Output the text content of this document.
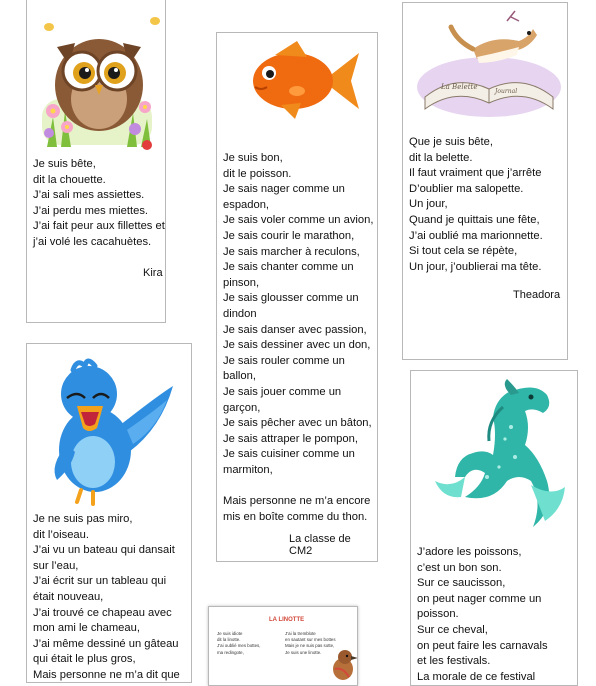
Je suis bête,
dit la chouette.
J’ai sali mes assiettes.
J’ai perdu mes miettes.
J’ai fait peur aux fillettes et
j’ai volé les cacahuètes.
Kira
Je suis bon,
dit le poisson.
Je sais nager comme un
espadon,
Je sais voler comme un avion,
Je sais courir le marathon,
Je sais marcher à reculons,
Je sais chanter comme un
pinson,
Je sais glousser comme un
dindon
Je sais danser avec passion,
Je sais dessiner avec un don,
Je sais rouler comme un
ballon,
Je sais jouer comme un
garçon,
Je sais pêcher avec un bâton,
Je sais attraper le pompon,
Je sais cuisiner comme un
marmiton,

Mais personne ne m’a encore
mis en boîte comme du thon.
La classe de CM2
La Belette
Journal
Que je suis bête,
dit la belette.
Il faut vraiment que j’arrête
D’oublier ma salopette.
Un jour,
Quand je quittais une fête,
J’ai oublié ma marionnette.
Si tout cela se répète,
Un jour, j’oublierai ma tête.
Theadora
Je ne suis pas miro,
dit l’oiseau.
J’ai vu un bateau qui dansait
sur l’eau,
J’ai écrit sur un tableau qui
était nouveau,
J’ai trouvé ce chapeau avec
mon ami le chameau,
J’ai même dessiné un gâteau
qui était le plus gros,
Mais personne ne m’a dit que
J’adore les poissons,
c’est un bon son.
Sur ce saucisson,
on peut nager comme un
poisson.
Sur ce cheval,
on peut faire les carnavals
et les festivals.
La morale de ce festival
LA LINOTTE
Je suis idiote
dit la linotte.
J’ai oublié mes bottes,
ma redingote,
J’ai la tremblote
en sautant sur mes bottes
Mais je ne suis pas sotte,
Je suis une linotte.
